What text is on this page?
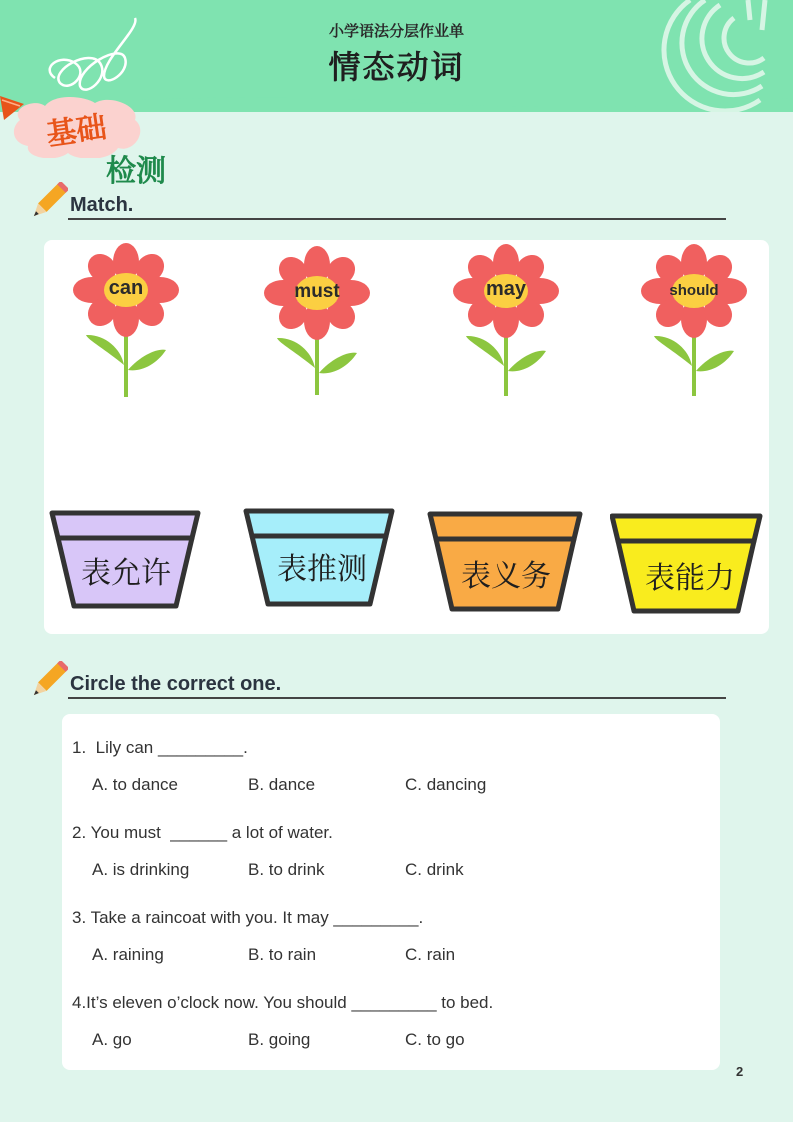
小学语法分层作业单
情态动词
基础
检测
Match.
can	must	may	should
表允许	表推测	表义务	表能力
Circle the correct one.
1.  Lily can _________.
A. to dance	B. dance	C. dancing
2. You must  ______ a lot of water.
A. is drinking	B. to drink	C. drink
3. Take a raincoat with you. It may _________.
A. raining	B. to rain	C. rain
4.It’s eleven o’clock now. You should _________ to bed.
A. go	B. going	C. to go
2
